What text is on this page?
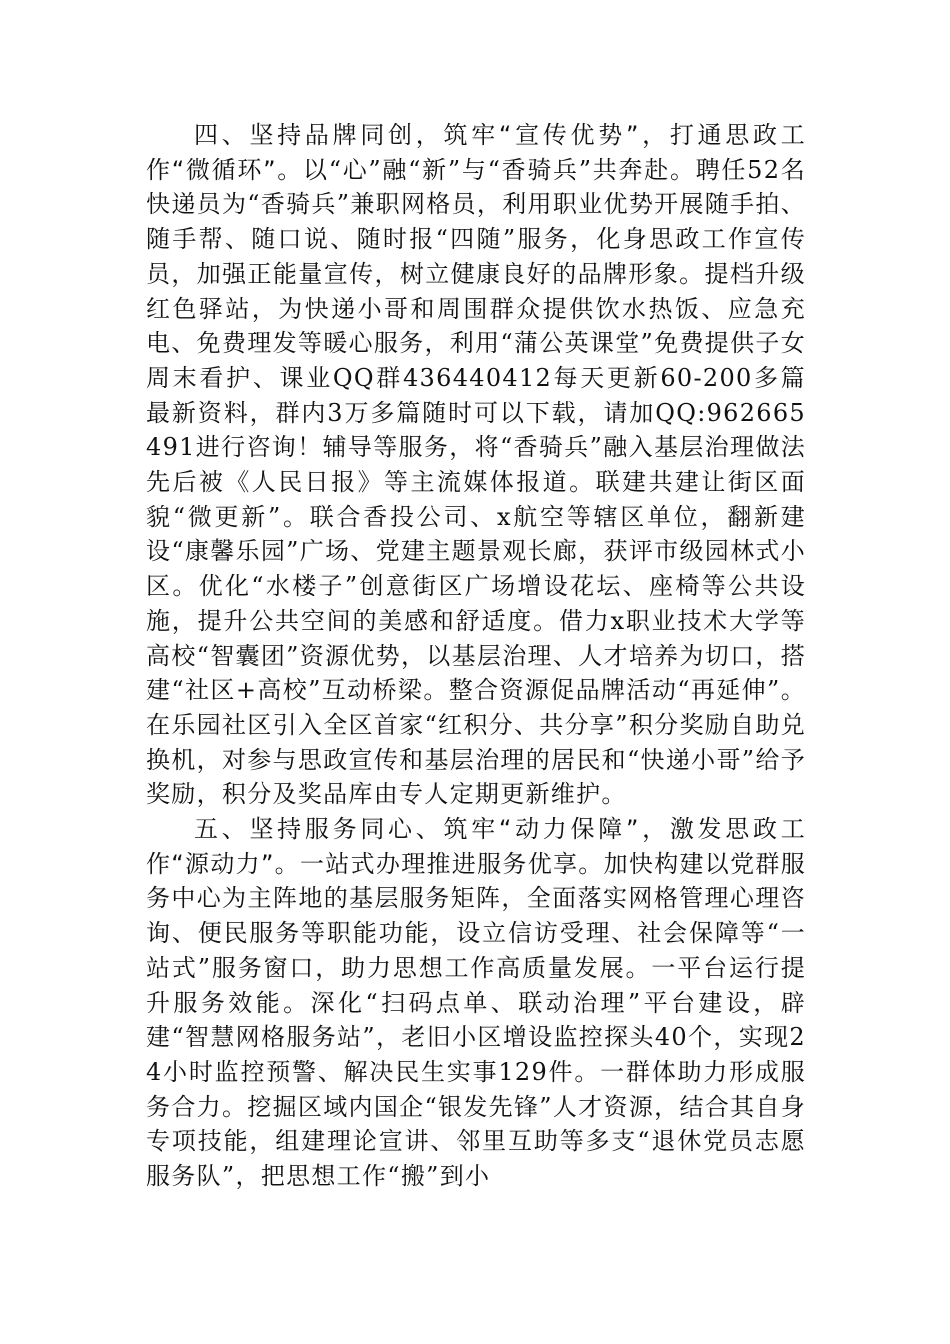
四、坚持品牌同创，筑牢“宣传优势”，打通思政工作“微循环”。以“心”融“新”与“香骑兵”共奔赴。聘任52名快递员为“香骑兵”兼职网格员，利用职业优势开展随手拍、随手帮、随口说、随时报“四随”服务，化身思政工作宣传员，加强正能量宣传，树立健康良好的品牌形象。提档升级红色驿站，为快递小哥和周围群众提供饮水热饭、应急充电、免费理发等暖心服务，利用“蒲公英课堂”免费提供子女周末看护、课业QQ群436440412每天更新60-200多篇最新资料，群内3万多篇随时可以下载，请加QQ:962665491进行咨询！辅导等服务，将“香骑兵”融入基层治理做法先后被《人民日报》等主流媒体报道。联建共建让街区面貌“微更新”。联合香投公司、x航空等辖区单位，翻新建设“康馨乐园”广场、党建主题景观长廊，获评市级园林式小区。优化“水楼子”创意街区广场增设花坛、座椅等公共设施，提升公共空间的美感和舒适度。借力x职业技术大学等高校“智囊团”资源优势，以基层治理、人才培养为切口，搭建“社区+高校”互动桥梁。整合资源促品牌活动“再延伸”。在乐园社区引入全区首家“红积分、共分享”积分奖励自助兑换机，对参与思政宣传和基层治理的居民和“快递小哥”给予奖励，积分及奖品库由专人定期更新维护。

五、坚持服务同心、筑牢“动力保障”，激发思政工作“源动力”。一站式办理推进服务优享。加快构建以党群服务中心为主阵地的基层服务矩阵，全面落实网格管理心理咨询、便民服务等职能功能，设立信访受理、社会保障等“一站式”服务窗口，助力思想工作高质量发展。一平台运行提升服务效能。深化“扫码点单、联动治理”平台建设，辟建“智慧网格服务站”，老旧小区增设监控探头40个，实现24小时监控预警、解决民生实事129件。一群体助力形成服务合力。挖掘区域内国企“银发先锋”人才资源，结合其自身专项技能，组建理论宣讲、邻里互助等多支“退休党员志愿服务队”，把思想工作“搬”到小
